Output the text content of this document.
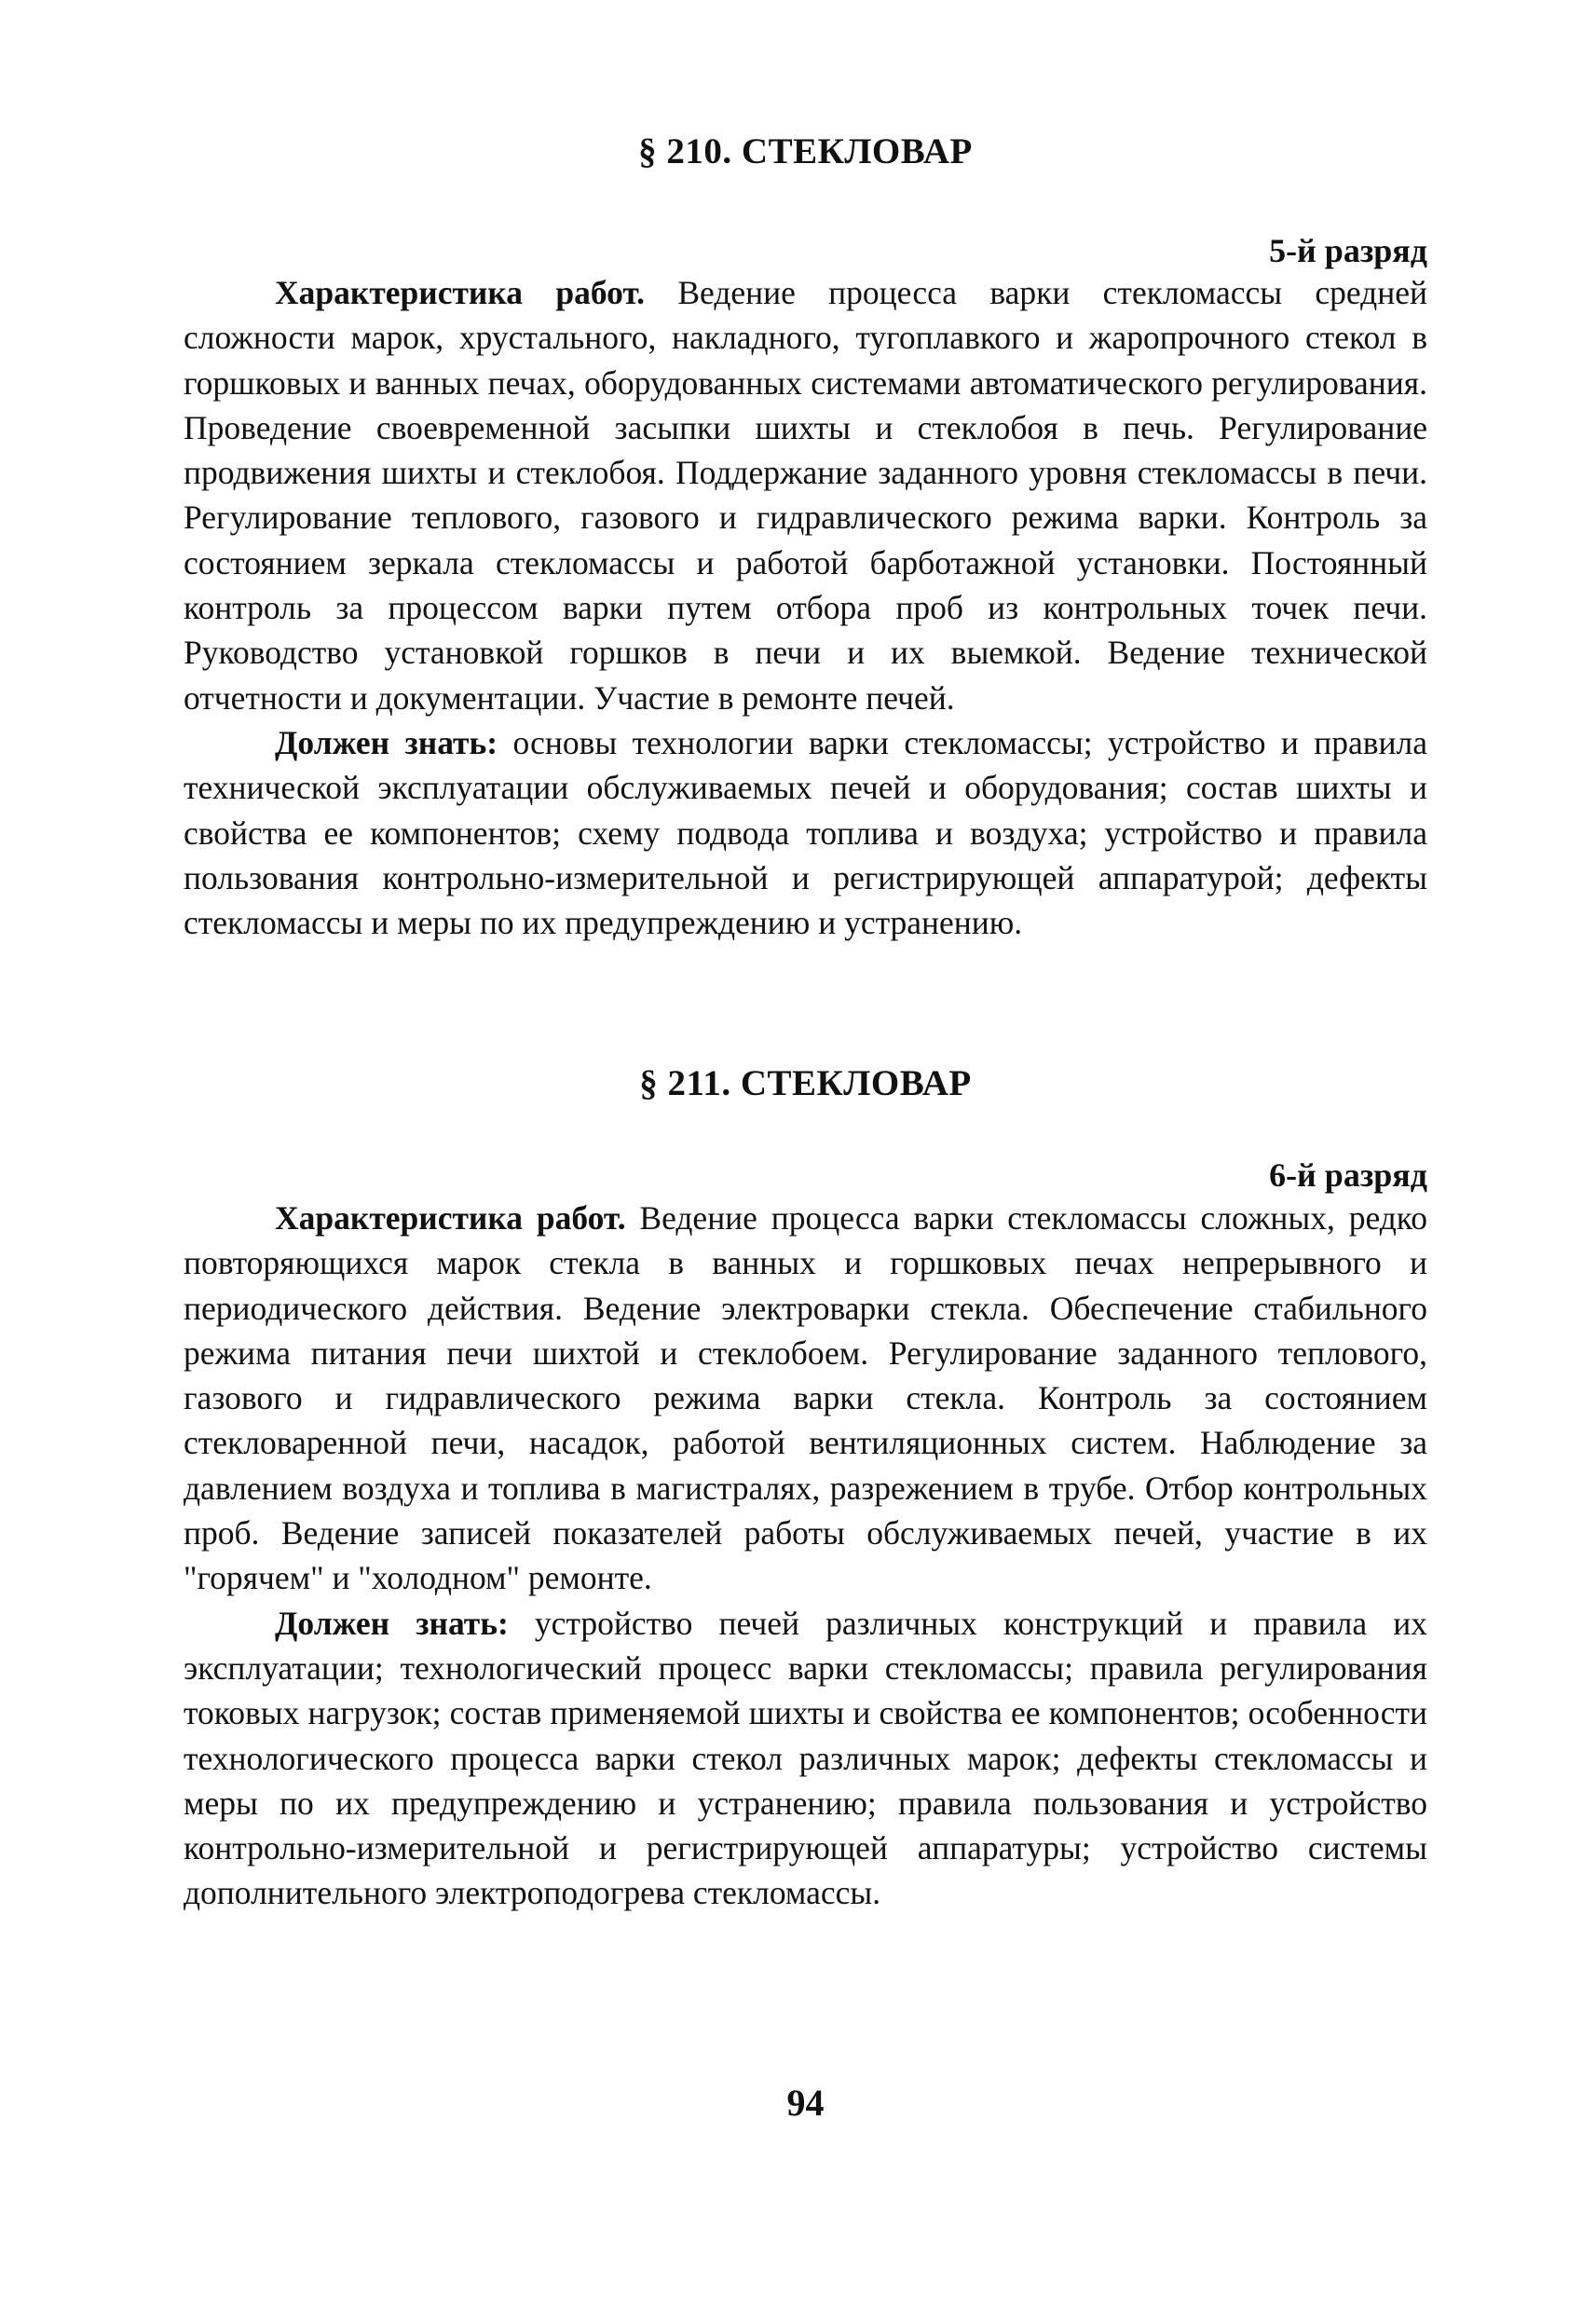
§ 210. СТЕКЛОВАР

5-й разряд

Характеристика работ. Ведение процесса варки стекломассы средней сложности марок, хрустального, накладного, тугоплавкого и жаропрочного стекол в горшковых и ванных печах, оборудованных системами автоматического регулирования. Проведение своевременной засыпки шихты и стеклобоя в печь. Регулирование продвижения шихты и стеклобоя. Поддержание заданного уровня стекломассы в печи. Регулирование теплового, газового и гидравлического режима варки. Контроль за состоянием зеркала стекломассы и работой барботажной установки. Постоянный контроль за процессом варки путем отбора проб из контрольных точек печи. Руководство установкой горшков в печи и их выемкой. Ведение технической отчетности и документации. Участие в ремонте печей.

Должен знать: основы технологии варки стекломассы; устройство и правила технической эксплуатации обслуживаемых печей и оборудования; состав шихты и свойства ее компонентов; схему подвода топлива и воздуха; устройство и правила пользования контрольно-измерительной и регистрирующей аппаратурой; дефекты стекломассы и меры по их предупреждению и устранению.

§ 211. СТЕКЛОВАР

6-й разряд

Характеристика работ. Ведение процесса варки стекломассы сложных, редко повторяющихся марок стекла в ванных и горшковых печах непрерывного и периодического действия. Ведение электроварки стекла. Обеспечение стабильного режима питания печи шихтой и стеклобоем. Регулирование заданного теплового, газового и гидравлического режима варки стекла. Контроль за состоянием стекловаренной печи, насадок, работой вентиляционных систем. Наблюдение за давлением воздуха и топлива в магистралях, разрежением в трубе. Отбор контрольных проб. Ведение записей показателей работы обслуживаемых печей, участие в их "горячем" и "холодном" ремонте.

Должен знать: устройство печей различных конструкций и правила их эксплуатации; технологический процесс варки стекломассы; правила регулирования токовых нагрузок; состав применяемой шихты и свойства ее компонентов; особенности технологического процесса варки стекол различных марок; дефекты стекломассы и меры по их предупреждению и устранению; правила пользования и устройство контрольно-измерительной и регистрирующей аппаратуры; устройство системы дополнительного электроподогрева стекломассы.

94
